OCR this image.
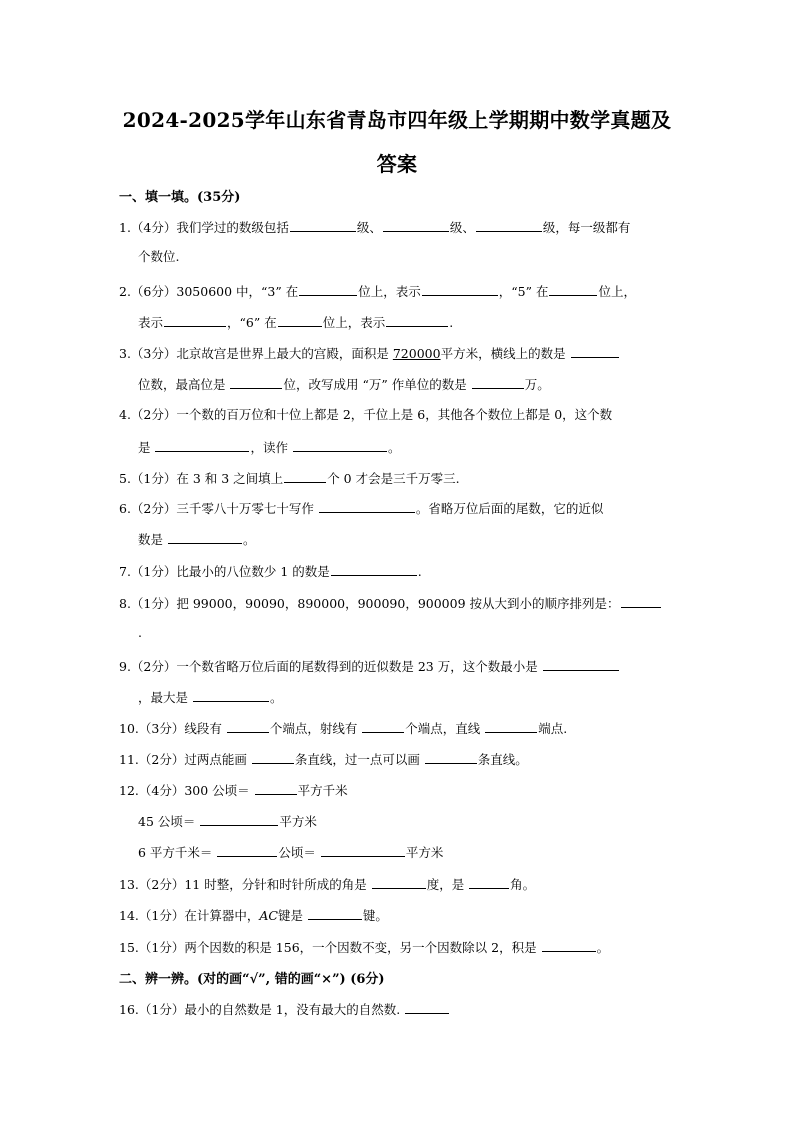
2024-2025学年山东省青岛市四年级上学期期中数学真题及
答案
一、填一填。(35分)
1.（4分）我们学过的数级包括	级、	级、	级，每一级都有
个数位.
2.（6分）3050600 中，“3” 在	位上，表示	，“5” 在	位上，
表示	，“6” 在	位上，表示	.
3.（3分）北京故宫是世界上最大的宫殿，面积是 720000平方米，横线上的数是
位数，最高位是	位，改写成用 “万” 作单位的数是	万。
4.（2分）一个数的百万位和十位上都是 2，千位上是 6，其他各个数位上都是 0，这个数
是	，读作	。
5.（1分）在 3 和 3 之间填上	个 0 才会是三千万零三.
6.（2分）三千零八十万零七十写作	。省略万位后面的尾数，它的近似
数是	。
7.（1分）比最小的八位数少 1 的数是	.
8.（1分）把 99000，90090，890000，900090，900009 按从大到小的顺序排列是：
.
9.（2分）一个数省略万位后面的尾数得到的近似数是 23 万，这个数最小是
，最大是	。
10.（3分）线段有	个端点，射线有	个端点，直线	端点.
11.（2分）过两点能画	条直线，过一点可以画	条直线。
12.（4分）300 公顷＝	平方千米
45 公顷＝	平方米
6 平方千米＝	公顷＝	平方米
13.（2分）11 时整，分针和时针所成的角是	度，是	角。
14.（1分）在计算器中，AC键是	键。
15.（1分）两个因数的积是 156，一个因数不变，另一个因数除以 2，积是	。
二、辨一辨。(对的画“√”, 错的画“×”) (6分)
16.（1分）最小的自然数是 1，没有最大的自然数.
